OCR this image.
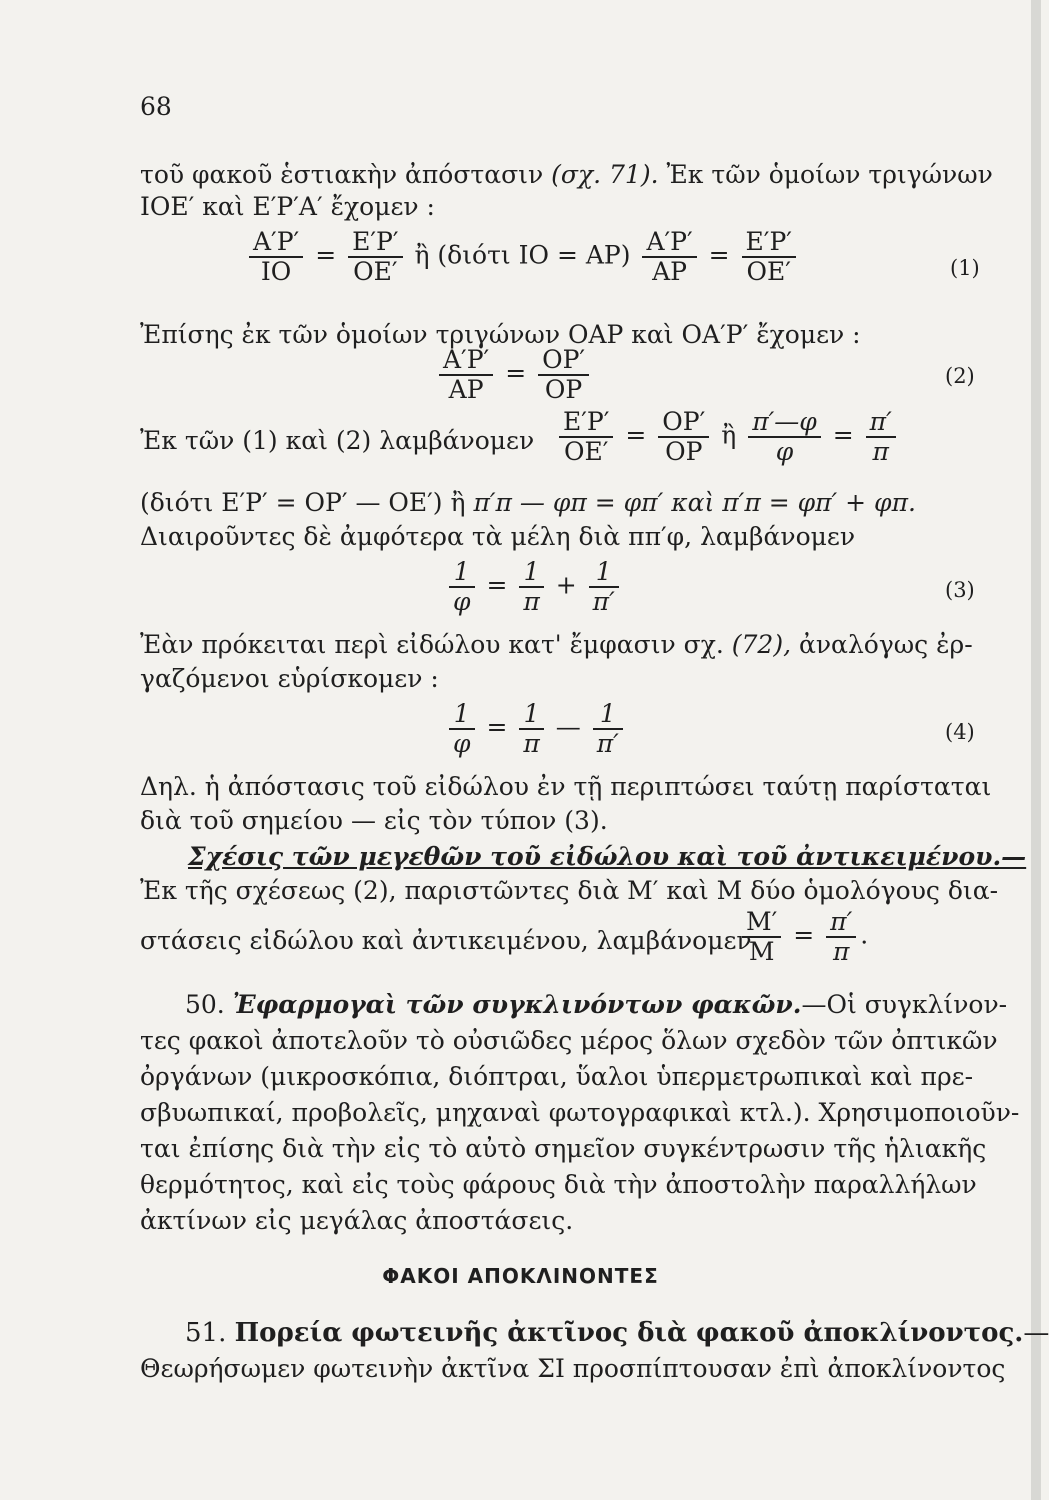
68
τοῦ φακοῦ ἑστιακὴν ἀπόστασιν (σχ. 71). Ἐκ τῶν ὁμοίων τριγώνων
ΙΟΕ′ καὶ Ε′Ρ′Α′ ἔχομεν :
$\frac{A'P'}{IO} = \frac{E'P'}{OE'}$ ἢ (διότι $IO = AP) \frac{A'P'}{AP} = \frac{E'P'}{OE'}$	(1)
Ἐπίσης ἐκ τῶν ὁμοίων τριγώνων ΟΑΡ καὶ ΟΑ′Ρ′ ἔχομεν :
$\frac{A'P'}{AP} = \frac{OP'}{OP}$	(2)
Ἐκ τῶν (1) καὶ (2) λαμβάνομεν $\frac{E'P'}{OE'} = \frac{OP'}{OP}$ ἢ $\frac{\pi'—\varphi}{\varphi} = \frac{\pi'}{\pi}$
(διότι Ε′Ρ′ = ΟΡ′ — ΟΕ′) ἢ π′π — φπ = φπ′ καὶ π′π = φπ′ + φπ.
Διαιροῦντες δὲ ἀμφότερα τὰ μέλη διὰ ππ′φ, λαμβάνομεν
$\frac{1}{\varphi} = \frac{1}{\pi} + \frac{1}{\pi'}$	(3)
Ἐὰν πρόκειται περὶ εἰδώλου κατ' ἔμφασιν σχ. (72), ἀναλόγως ἐρ-
γαζόμενοι εὑρίσκομεν :
$\frac{1}{\varphi} = \frac{1}{\pi}$ — $\frac{1}{\pi'}$	(4)
Δηλ. ἡ ἀπόστασις τοῦ εἰδώλου ἐν τῇ περιπτώσει ταύτῃ παρίσταται
διὰ τοῦ σημείου — εἰς τὸν τύπον (3).
Σχέσις τῶν μεγεθῶν τοῦ εἰδώλου καὶ τοῦ ἀντικειμένου.—
Ἐκ τῆς σχέσεως (2), παριστῶντες διὰ Μ′ καὶ Μ δύο ὁμολόγους δια-
στάσεις εἰδώλου καὶ ἀντικειμένου, λαμβάνομεν
$\frac{M'}{M} = \frac{\pi'}{\pi}$ .
50. Ἐφαρμογαὶ τῶν συγκλινόντων φακῶν.—Οἱ συγκλίνον-
τες φακοὶ ἀποτελοῦν τὸ οὐσιῶδες μέρος ὅλων σχεδὸν τῶν ὀπτικῶν
ὀργάνων (μικροσκόπια, διόπτραι, ὕαλοι ὑπερμετρωπικαὶ καὶ πρε-
σβυωπικαί, προβολεῖς, μηχαναὶ φωτογραφικαὶ κτλ.). Χρησιμοποιοῦν-
ται ἐπίσης διὰ τὴν εἰς τὸ αὐτὸ σημεῖον συγκέντρωσιν τῆς ἡλιακῆς
θερμότητος, καὶ εἰς τοὺς φάρους διὰ τὴν ἀποστολὴν παραλλήλων
ἀκτίνων εἰς μεγάλας ἀποστάσεις.
ΦΑΚΟΙ ΑΠΟΚΛΙΝΟΝΤΕΣ
51. Πορεία φωτεινῆς ἀκτῖνος διὰ φακοῦ ἀποκλίνοντος.—
Θεωρήσωμεν φωτεινὴν ἀκτῖνα ΣΙ προσπίπτουσαν ἐπὶ ἀποκλίνοντος
